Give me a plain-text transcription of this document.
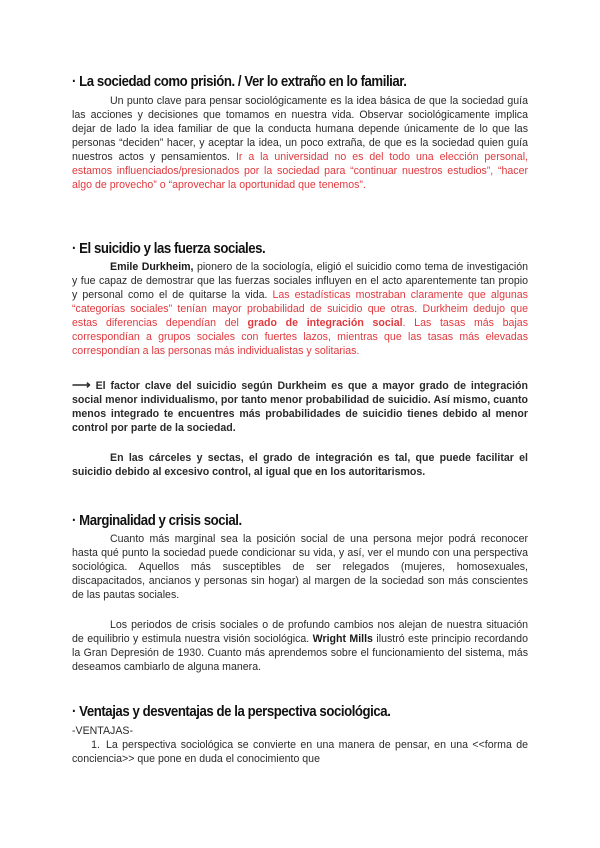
· La sociedad como prisión. / Ver lo extraño en lo familiar.

Un punto clave para pensar sociológicamente es la idea básica de que la sociedad guía las acciones y decisiones que tomamos en nuestra vida. Observar sociológicamente implica dejar de lado la idea familiar de que la conducta humana depende únicamente de lo que las personas “deciden” hacer, y aceptar la idea, un poco extraña, de que es la sociedad quien guía nuestros actos y pensamientos. Ir a la universidad no es del todo una elección personal, estamos influenciados/presionados por la sociedad para “continuar nuestros estudios”, “hacer algo de provecho” o “aprovechar la oportunidad que tenemos”.

· El suicidio y las fuerza sociales.

Emile Durkheim, pionero de la sociología, eligió el suicidio como tema de investigación y fue capaz de demostrar que las fuerzas sociales influyen en el acto aparentemente tan propio y personal como el de quitarse la vida. Las estadísticas mostraban claramente que algunas “categorías sociales” tenían mayor probabilidad de suicidio que otras. Durkheim dedujo que estas diferencias dependían del grado de integración social. Las tasas más bajas correspondían a grupos sociales con fuertes lazos, mientras que las tasas más elevadas correspondían a las personas más individualistas y solitarias.

⟶ El factor clave del suicidio según Durkheim es que a mayor grado de integración social menor individualismo, por tanto menor probabilidad de suicidio. Así mismo, cuanto menos integrado te encuentres más probabilidades de suicidio tienes debido al menor control por parte de la sociedad.

En las cárceles y sectas, el grado de integración es tal, que puede facilitar el suicidio debido al excesivo control, al igual que en los autoritarismos.

· Marginalidad y crisis social.

Cuanto más marginal sea la posición social de una persona mejor podrá reconocer hasta qué punto la sociedad puede condicionar su vida, y así, ver el mundo con una perspectiva sociológica. Aquellos más susceptibles de ser relegados (mujeres, homosexuales, discapacitados, ancianos y personas sin hogar) al margen de la sociedad son más conscientes de las pautas sociales.

Los periodos de crisis sociales o de profundo cambios nos alejan de nuestra situación de equilibrio y estimula nuestra visión sociológica. Wright Mills ilustró este principio recordando la Gran Depresión de 1930. Cuanto más aprendemos sobre el funcionamiento del sistema, más deseamos cambiarlo de alguna manera.

· Ventajas y desventajas de la perspectiva sociológica.

-VENTAJAS-

1. La perspectiva sociológica se convierte en una manera de pensar, en una <<forma de conciencia>> que pone en duda el conocimiento que
